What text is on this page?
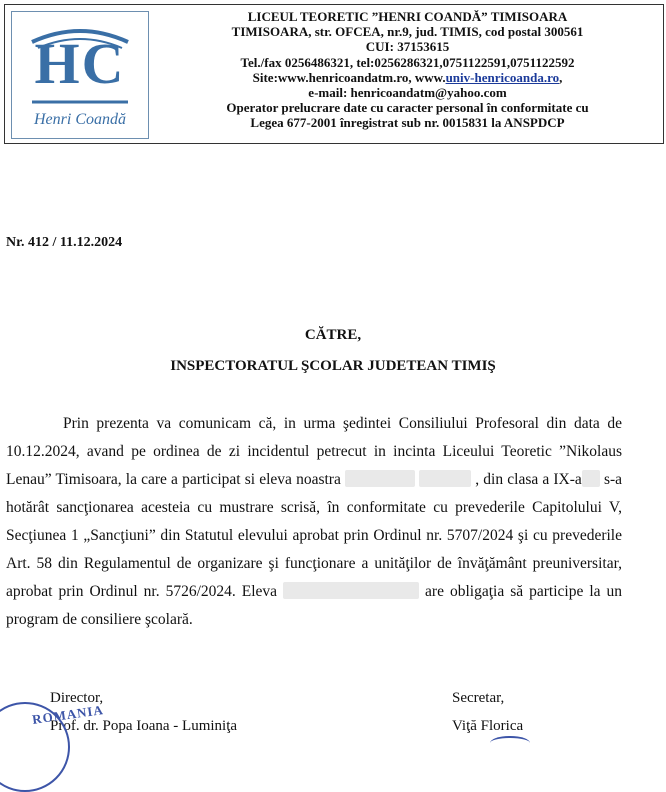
HC
Henri Coandă
LICEUL TEORETIC ”HENRI COANDĂ” TIMISOARA
TIMISOARA, str. OFCEA, nr.9, jud. TIMIS, cod postal 300561
CUI: 37153615
Tel./fax 0256486321, tel:0256286321,0751122591,0751122592
Site:www.henricoandatm.ro, www.univ-henricoanda.ro,
e-mail: henricoandatm@yahoo.com
Operator prelucrare date cu caracter personal în conformitate cu
Legea 677-2001 înregistrat sub nr. 0015831 la ANSPDCP
Nr. 412 / 11.12.2024
CĂTRE,
INSPECTORATUL ŞCOLAR JUDETEAN TIMIŞ

Prin prezenta va comunicam că, in urma şedintei Consiliului Profesoral din data de 10.12.2024, avand pe ordinea de zi incidentul petrecut in incinta Liceului Teoretic ”Nikolaus Lenau” Timisoara, la care a participat si eleva noastra	, din clasa a IX-a s-a hotărât sancţionarea acesteia cu mustrare scrisă, în conformitate cu prevederile Capitolului V, Secţiunea 1 „Sancţiuni” din Statutul elevului aprobat prin Ordinul nr. 5707/2024 şi cu prevederile Art. 58 din Regulamentul de organizare şi funcţionare a unităţilor de învăţământ preuniversitar, aprobat prin Ordinul nr. 5726/2024. Eleva	are obligaţia să participe la un program de consiliere şcolară.

Director,
Prof. dr. Popa Ioana - Luminiţa
Secretar,
Viţă Florica
ROMANIA
